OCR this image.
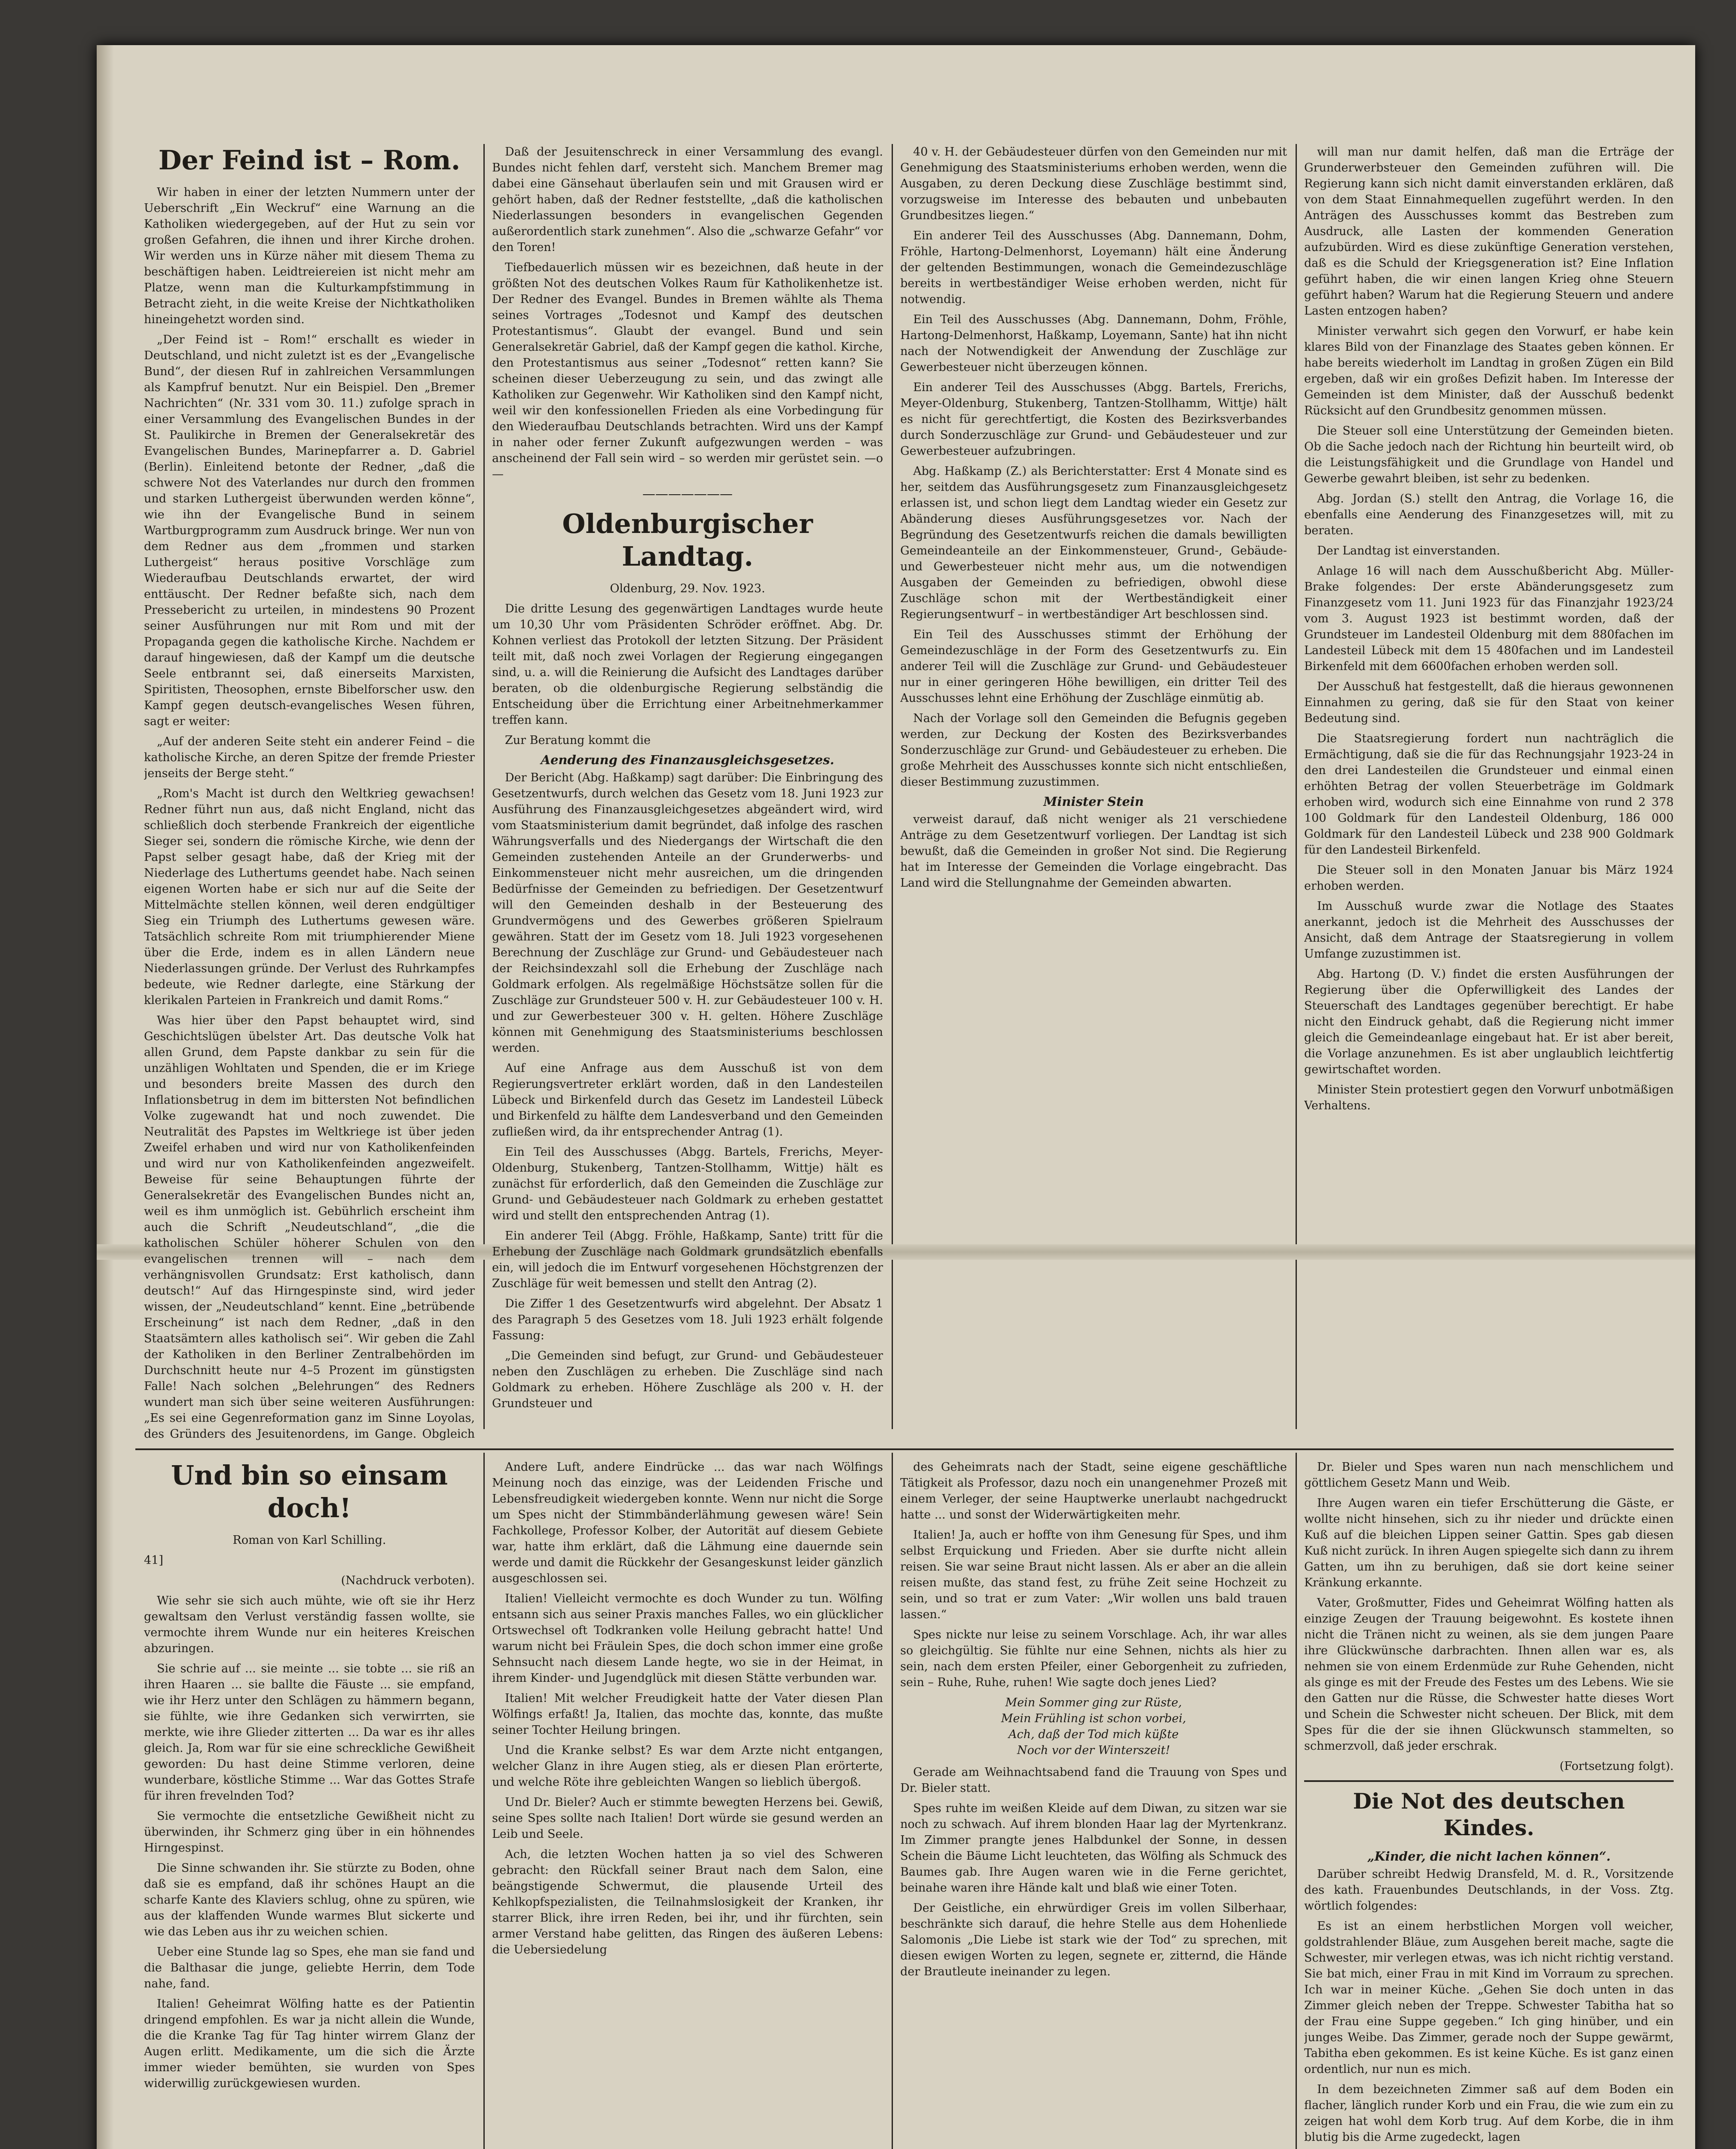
Der Feind ist – Rom.

Wir haben in einer der letzten Nummern unter der Ueberschrift „Ein Weckruf“ eine Warnung an die Katholiken wiedergegeben, auf der Hut zu sein vor großen Gefahren, die ihnen und ihrer Kirche drohen. Wir werden uns in Kürze näher mit diesem Thema zu beschäftigen haben. Leidtreiereien ist nicht mehr am Platze, wenn man die Kulturkampfstimmung in Betracht zieht, in die weite Kreise der Nichtkatholiken hineingehetzt worden sind.

„Der Feind ist – Rom!“ erschallt es wieder in Deutschland, und nicht zuletzt ist es der „Evangelische Bund“, der diesen Ruf in zahlreichen Versammlungen als Kampfruf benutzt. Nur ein Beispiel. Den „Bremer Nachrichten“ (Nr. 331 vom 30. 11.) zufolge sprach in einer Versammlung des Evangelischen Bundes in der St. Paulikirche in Bremen der Generalsekretär des Evangelischen Bundes, Marinepfarrer a. D. Gabriel (Berlin). Einleitend betonte der Redner, „daß die schwere Not des Vaterlandes nur durch den frommen und starken Luthergeist überwunden werden könne“, wie ihn der Evangelische Bund in seinem Wartburgprogramm zum Ausdruck bringe. Wer nun von dem Redner aus dem „frommen und starken Luthergeist“ heraus positive Vorschläge zum Wiederaufbau Deutschlands erwartet, der wird enttäuscht. Der Redner befaßte sich, nach dem Pressebericht zu urteilen, in mindestens 90 Prozent seiner Ausführungen nur mit Rom und mit der Propaganda gegen die katholische Kirche. Nachdem er darauf hingewiesen, daß der Kampf um die deutsche Seele entbrannt sei, daß einerseits Marxisten, Spiritisten, Theosophen, ernste Bibelforscher usw. den Kampf gegen deutsch-evangelisches Wesen führen, sagt er weiter:

„Auf der anderen Seite steht ein anderer Feind – die katholische Kirche, an deren Spitze der fremde Priester jenseits der Berge steht.“

„Rom's Macht ist durch den Weltkrieg gewachsen! Redner führt nun aus, daß nicht England, nicht das schließlich doch sterbende Frankreich der eigentliche Sieger sei, sondern die römische Kirche, wie denn der Papst selber gesagt habe, daß der Krieg mit der Niederlage des Luthertums geendet habe. Nach seinen eigenen Worten habe er sich nur auf die Seite der Mittelmächte stellen können, weil deren endgültiger Sieg ein Triumph des Luthertums gewesen wäre. Tatsächlich schreite Rom mit triumphierender Miene über die Erde, indem es in allen Ländern neue Niederlassungen gründe. Der Verlust des Ruhrkampfes bedeute, wie Redner darlegte, eine Stärkung der klerikalen Parteien in Frankreich und damit Roms.“

Was hier über den Papst behauptet wird, sind Geschichtslügen übelster Art. Das deutsche Volk hat allen Grund, dem Papste dankbar zu sein für die unzähligen Wohltaten und Spenden, die er im Kriege und besonders breite Massen des durch den Inflationsbetrug in dem im bittersten Not befindlichen Volke zugewandt hat und noch zuwendet. Die Neutralität des Papstes im Weltkriege ist über jeden Zweifel erhaben und wird nur von Katholikenfeinden und wird nur von Katholikenfeinden angezweifelt. Beweise für seine Behauptungen führte der Generalsekretär des Evangelischen Bundes nicht an, weil es ihm unmöglich ist. Gebührlich erscheint ihm auch die Schrift „Neudeutschland“, „die die katholischen Schüler höherer Schulen von den evangelischen trennen will – nach dem verhängnisvollen Grundsatz: Erst katholisch, dann deutsch!“ Auf das Hirngespinste sind, wird jeder wissen, der „Neudeutschland“ kennt. Eine „betrübende Erscheinung“ ist nach dem Redner, „daß in den Staatsämtern alles katholisch sei“. Wir geben die Zahl der Katholiken in den Berliner Zentralbehörden im Durchschnitt heute nur 4–5 Prozent im günstigsten Falle! Nach solchen „Belehrungen“ des Redners wundert man sich über seine weiteren Ausführungen: „Es sei eine Gegenreformation ganz im Sinne Loyolas, des Gründers des Jesuitenordens, im Gange. Obgleich

Daß der Jesuitenschreck in einer Versammlung des evangl. Bundes nicht fehlen darf, versteht sich. Manchem Bremer mag dabei eine Gänsehaut überlaufen sein und mit Grausen wird er gehört haben, daß der Redner feststellte, „daß die katholischen Niederlassungen besonders in evangelischen Gegenden außerordentlich stark zunehmen“. Also die „schwarze Gefahr“ vor den Toren!

Tiefbedauerlich müssen wir es bezeichnen, daß heute in der größten Not des deutschen Volkes Raum für Katholikenhetze ist. Der Redner des Evangel. Bundes in Bremen wählte als Thema seines Vortrages „Todesnot und Kampf des deutschen Protestantismus“. Glaubt der evangel. Bund und sein Generalsekretär Gabriel, daß der Kampf gegen die kathol. Kirche, den Protestantismus aus seiner „Todesnot“ retten kann? Sie scheinen dieser Ueberzeugung zu sein, und das zwingt alle Katholiken zur Gegenwehr. Wir Katholiken sind den Kampf nicht, weil wir den konfessionellen Frieden als eine Vorbedingung für den Wiederaufbau Deutschlands betrachten. Wird uns der Kampf in naher oder ferner Zukunft aufgezwungen werden – was anscheinend der Fall sein wird – so werden mir gerüstet sein. —o—

———————
Oldenburgischer Landtag.

Oldenburg, 29. Nov. 1923.

Die dritte Lesung des gegenwärtigen Landtages wurde heute um 10,30 Uhr vom Präsidenten Schröder eröffnet. Abg. Dr. Kohnen verliest das Protokoll der letzten Sitzung. Der Präsident teilt mit, daß noch zwei Vorlagen der Regierung eingegangen sind, u. a. will die Reinierung die Aufsicht des Landtages darüber beraten, ob die oldenburgische Regierung selbständig die Entscheidung über die Errichtung einer Arbeitnehmerkammer treffen kann.

Zur Beratung kommt die

Aenderung des Finanzausgleichsgesetzes.

Der Bericht (Abg. Haßkamp) sagt darüber: Die Einbringung des Gesetzentwurfs, durch welchen das Gesetz vom 18. Juni 1923 zur Ausführung des Finanzausgleichgesetzes abgeändert wird, wird vom Staatsministerium damit begründet, daß infolge des raschen Währungsverfalls und des Niedergangs der Wirtschaft die den Gemeinden zustehenden Anteile an der Grunderwerbs- und Einkommensteuer nicht mehr ausreichen, um die dringenden Bedürfnisse der Gemeinden zu befriedigen. Der Gesetzentwurf will den Gemeinden deshalb in der Besteuerung des Grundvermögens und des Gewerbes größeren Spielraum gewähren. Statt der im Gesetz vom 18. Juli 1923 vorgesehenen Berechnung der Zuschläge zur Grund- und Gebäudesteuer nach der Reichsindexzahl soll die Erhebung der Zuschläge nach Goldmark erfolgen. Als regelmäßige Höchstsätze sollen für die Zuschläge zur Grundsteuer 500 v. H. zur Gebäudesteuer 100 v. H. und zur Gewerbesteuer 300 v. H. gelten. Höhere Zuschläge können mit Genehmigung des Staatsministeriums beschlossen werden.

Auf eine Anfrage aus dem Ausschuß ist von dem Regierungsvertreter erklärt worden, daß in den Landesteilen Lübeck und Birkenfeld durch das Gesetz im Landesteil Lübeck und Birkenfeld zu hälfte dem Landesverband und den Gemeinden zufließen wird, da ihr entsprechender Antrag (1).

Ein Teil des Ausschusses (Abgg. Bartels, Frerichs, Meyer-Oldenburg, Stukenberg, Tantzen-Stollhamm, Wittje) hält es zunächst für erforderlich, daß den Gemeinden die Zuschläge zur Grund- und Gebäudesteuer nach Goldmark zu erheben gestattet wird und stellt den entsprechenden Antrag (1).

Ein anderer Teil (Abgg. Fröhle, Haßkamp, Sante) tritt für die Erhebung der Zuschläge nach Goldmark grundsätzlich ebenfalls ein, will jedoch die im Entwurf vorgesehenen Höchstgrenzen der Zuschläge für weit bemessen und stellt den Antrag (2).

Die Ziffer 1 des Gesetzentwurfs wird abgelehnt. Der Absatz 1 des Paragraph 5 des Gesetzes vom 18. Juli 1923 erhält folgende Fassung:

„Die Gemeinden sind befugt, zur Grund- und Gebäudesteuer neben den Zuschlägen zu erheben. Die Zuschläge sind nach Goldmark zu erheben. Höhere Zuschläge als 200 v. H. der Grundsteuer und

40 v. H. der Gebäudesteuer dürfen von den Gemeinden nur mit Genehmigung des Staatsministeriums erhoben werden, wenn die Ausgaben, zu deren Deckung diese Zuschläge bestimmt sind, vorzugsweise im Interesse des bebauten und unbebauten Grundbesitzes liegen.“

Ein anderer Teil des Ausschusses (Abg. Dannemann, Dohm, Fröhle, Hartong-Delmenhorst, Loyemann) hält eine Änderung der geltenden Bestimmungen, wonach die Gemeindezuschläge bereits in wertbeständiger Weise erhoben werden, nicht für notwendig.

Ein Teil des Ausschusses (Abg. Dannemann, Dohm, Fröhle, Hartong-Delmenhorst, Haßkamp, Loyemann, Sante) hat ihn nicht nach der Notwendigkeit der Anwendung der Zuschläge zur Gewerbesteuer nicht überzeugen können.

Ein anderer Teil des Ausschusses (Abgg. Bartels, Frerichs, Meyer-Oldenburg, Stukenberg, Tantzen-Stollhamm, Wittje) hält es nicht für gerechtfertigt, die Kosten des Bezirksverbandes durch Sonderzuschläge zur Grund- und Gebäudesteuer und zur Gewerbesteuer aufzubringen.

Abg. Haßkamp (Z.) als Berichterstatter: Erst 4 Monate sind es her, seitdem das Ausführungsgesetz zum Finanzausgleichgesetz erlassen ist, und schon liegt dem Landtag wieder ein Gesetz zur Abänderung dieses Ausführungsgesetzes vor. Nach der Begründung des Gesetzentwurfs reichen die damals bewilligten Gemeindeanteile an der Einkommensteuer, Grund-, Gebäude- und Gewerbesteuer nicht mehr aus, um die notwendigen Ausgaben der Gemeinden zu befriedigen, obwohl diese Zuschläge schon mit der Wertbeständigkeit einer Regierungsentwurf – in wertbeständiger Art beschlossen sind.

Ein Teil des Ausschusses stimmt der Erhöhung der Gemeindezuschläge in der Form des Gesetzentwurfs zu. Ein anderer Teil will die Zuschläge zur Grund- und Gebäudesteuer nur in einer geringeren Höhe bewilligen, ein dritter Teil des Ausschusses lehnt eine Erhöhung der Zuschläge einmütig ab.

Nach der Vorlage soll den Gemeinden die Befugnis gegeben werden, zur Deckung der Kosten des Bezirksverbandes Sonderzuschläge zur Grund- und Gebäudesteuer zu erheben. Die große Mehrheit des Ausschusses konnte sich nicht entschließen, dieser Bestimmung zuzustimmen.

Minister Stein

verweist darauf, daß nicht weniger als 21 verschiedene Anträge zu dem Gesetzentwurf vorliegen. Der Landtag ist sich bewußt, daß die Gemeinden in großer Not sind. Die Regierung hat im Interesse der Gemeinden die Vorlage eingebracht. Das Land wird die Stellungnahme der Gemeinden abwarten.

will man nur damit helfen, daß man die Erträge der Grunderwerbsteuer den Gemeinden zuführen will. Die Regierung kann sich nicht damit einverstanden erklären, daß von dem Staat Einnahmequellen zugeführt werden. In den Anträgen des Ausschusses kommt das Bestreben zum Ausdruck, alle Lasten der kommenden Generation aufzubürden. Wird es diese zukünftige Generation verstehen, daß es die Schuld der Kriegsgeneration ist? Eine Inflation geführt haben, die wir einen langen Krieg ohne Steuern geführt haben? Warum hat die Regierung Steuern und andere Lasten entzogen haben?

Minister verwahrt sich gegen den Vorwurf, er habe kein klares Bild von der Finanzlage des Staates geben können. Er habe bereits wiederholt im Landtag in großen Zügen ein Bild ergeben, daß wir ein großes Defizit haben. Im Interesse der Gemeinden ist dem Minister, daß der Ausschuß bedenkt Rücksicht auf den Grundbesitz genommen müssen.

Die Steuer soll eine Unterstützung der Gemeinden bieten. Ob die Sache jedoch nach der Richtung hin beurteilt wird, ob die Leistungsfähigkeit und die Grundlage von Handel und Gewerbe gewahrt bleiben, ist sehr zu bedenken.

Abg. Jordan (S.) stellt den Antrag, die Vorlage 16, die ebenfalls eine Aenderung des Finanzgesetzes will, mit zu beraten.

Der Landtag ist einverstanden.

Anlage 16 will nach dem Ausschußbericht Abg. Müller-Brake folgendes: Der erste Abänderungsgesetz zum Finanzgesetz vom 11. Juni 1923 für das Finanzjahr 1923/24 vom 3. August 1923 ist bestimmt worden, daß der Grundsteuer im Landesteil Oldenburg mit dem 880fachen im Landesteil Lübeck mit dem 15 480fachen und im Landesteil Birkenfeld mit dem 6600fachen erhoben werden soll.

Der Ausschuß hat festgestellt, daß die hieraus gewonnenen Einnahmen zu gering, daß sie für den Staat von keiner Bedeutung sind.

Die Staatsregierung fordert nun nachträglich die Ermächtigung, daß sie die für das Rechnungsjahr 1923-24 in den drei Landesteilen die Grundsteuer und einmal einen erhöhten Betrag der vollen Steuerbeträge im Goldmark erhoben wird, wodurch sich eine Einnahme von rund 2 378 100 Goldmark für den Landesteil Oldenburg, 186 000 Goldmark für den Landesteil Lübeck und 238 900 Goldmark für den Landesteil Birkenfeld.

Die Steuer soll in den Monaten Januar bis März 1924 erhoben werden.

Im Ausschuß wurde zwar die Notlage des Staates anerkannt, jedoch ist die Mehrheit des Ausschusses der Ansicht, daß dem Antrage der Staatsregierung in vollem Umfange zuzustimmen ist.

Abg. Hartong (D. V.) findet die ersten Ausführungen der Regierung über die Opferwilligkeit des Landes der Steuerschaft des Landtages gegenüber berechtigt. Er habe nicht den Eindruck gehabt, daß die Regierung nicht immer gleich die Gemeindeanlage eingebaut hat. Er ist aber bereit, die Vorlage anzunehmen. Es ist aber unglaublich leichtfertig gewirtschaftet worden.

Minister Stein protestiert gegen den Vorwurf unbotmäßigen Verhaltens.

Und bin so einsam doch!

Roman von Karl Schilling.

41]

(Nachdruck verboten).

Wie sehr sie sich auch mühte, wie oft sie ihr Herz gewaltsam den Verlust verständig fassen wollte, sie vermochte ihrem Wunde nur ein heiteres Kreischen abzuringen.

Sie schrie auf ... sie meinte ... sie tobte ... sie riß an ihren Haaren ... sie ballte die Fäuste ... sie empfand, wie ihr Herz unter den Schlägen zu hämmern begann, sie fühlte, wie ihre Gedanken sich verwirrten, sie merkte, wie ihre Glieder zitterten ... Da war es ihr alles gleich. Ja, Rom war für sie eine schreckliche Gewißheit geworden: Du hast deine Stimme verloren, deine wunderbare, köstliche Stimme ... War das Gottes Strafe für ihren frevelnden Tod?

Sie vermochte die entsetzliche Gewißheit nicht zu überwinden, ihr Schmerz ging über in ein höhnendes Hirngespinst.

Die Sinne schwanden ihr. Sie stürzte zu Boden, ohne daß sie es empfand, daß ihr schönes Haupt an die scharfe Kante des Klaviers schlug, ohne zu spüren, wie aus der klaffenden Wunde warmes Blut sickerte und wie das Leben aus ihr zu weichen schien.

Ueber eine Stunde lag so Spes, ehe man sie fand und die Balthasar die junge, geliebte Herrin, dem Tode nahe, fand.

Italien! Geheimrat Wölfing hatte es der Patientin dringend empfohlen. Es war ja nicht allein die Wunde, die die Kranke Tag für Tag hinter wirrem Glanz der Augen erlitt. Medikamente, um die sich die Ärzte immer wieder bemühten, sie wurden von Spes widerwillig zurückgewiesen wurden.

Andere Luft, andere Eindrücke ... das war nach Wölfings Meinung noch das einzige, was der Leidenden Frische und Lebensfreudigkeit wiedergeben konnte. Wenn nur nicht die Sorge um Spes nicht der Stimmbänderlähmung gewesen wäre! Sein Fachkollege, Professor Kolber, der Autorität auf diesem Gebiete war, hatte ihm erklärt, daß die Lähmung eine dauernde sein werde und damit die Rückkehr der Gesangeskunst leider gänzlich ausgeschlossen sei.

Italien! Vielleicht vermochte es doch Wunder zu tun. Wölfing entsann sich aus seiner Praxis manches Falles, wo ein glücklicher Ortswechsel oft Todkranken volle Heilung gebracht hatte! Und warum nicht bei Fräulein Spes, die doch schon immer eine große Sehnsucht nach diesem Lande hegte, wo sie in der Heimat, in ihrem Kinder- und Jugendglück mit diesen Stätte verbunden war.

Italien! Mit welcher Freudigkeit hatte der Vater diesen Plan Wölfings erfaßt! Ja, Italien, das mochte das, konnte, das mußte seiner Tochter Heilung bringen.

Und die Kranke selbst? Es war dem Arzte nicht entgangen, welcher Glanz in ihre Augen stieg, als er diesen Plan erörterte, und welche Röte ihre gebleichten Wangen so lieblich übergoß.

Und Dr. Bieler? Auch er stimmte bewegten Herzens bei. Gewiß, seine Spes sollte nach Italien! Dort würde sie gesund werden an Leib und Seele.

Ach, die letzten Wochen hatten ja so viel des Schweren gebracht: den Rückfall seiner Braut nach dem Salon, eine beängstigende Schwermut, die plausende Urteil des Kehlkopfspezialisten, die Teilnahmslosigkeit der Kranken, ihr starrer Blick, ihre irren Reden, bei ihr, und ihr fürchten, sein armer Verstand habe gelitten, das Ringen des äußeren Lebens: die Uebersiedelung

des Geheimrats nach der Stadt, seine eigene geschäftliche Tätigkeit als Professor, dazu noch ein unangenehmer Prozeß mit einem Verleger, der seine Hauptwerke unerlaubt nachgedruckt hatte ... und sonst der Widerwärtigkeiten mehr.

Italien! Ja, auch er hoffte von ihm Genesung für Spes, und ihm selbst Erquickung und Frieden. Aber sie durfte nicht allein reisen. Sie war seine Braut nicht lassen. Als er aber an die allein reisen mußte, das stand fest, zu frühe Zeit seine Hochzeit zu sein, und so trat er zum Vater: „Wir wollen uns bald trauen lassen.“

Spes nickte nur leise zu seinem Vorschlage. Ach, ihr war alles so gleichgültig. Sie fühlte nur eine Sehnen, nichts als hier zu sein, nach dem ersten Pfeiler, einer Geborgenheit zu zufrieden, sein – Ruhe, Ruhe, ruhen! Wie sagte doch jenes Lied?

Mein Sommer ging zur Rüste,

Mein Frühling ist schon vorbei,

Ach, daß der Tod mich küßte

Noch vor der Winterszeit!

Gerade am Weihnachtsabend fand die Trauung von Spes und Dr. Bieler statt.

Spes ruhte im weißen Kleide auf dem Diwan, zu sitzen war sie noch zu schwach. Auf ihrem blonden Haar lag der Myrtenkranz. Im Zimmer prangte jenes Halbdunkel der Sonne, in dessen Schein die Bäume Licht leuchteten, das Wölfing als Schmuck des Baumes gab. Ihre Augen waren wie in die Ferne gerichtet, beinahe waren ihre Hände kalt und blaß wie einer Toten.

Der Geistliche, ein ehrwürdiger Greis im vollen Silberhaar, beschränkte sich darauf, die hehre Stelle aus dem Hohenliede Salomonis „Die Liebe ist stark wie der Tod“ zu sprechen, mit diesen ewigen Worten zu legen, segnete er, zitternd, die Hände der Brautleute ineinander zu legen.

Dr. Bieler und Spes waren nun nach menschlichem und göttlichem Gesetz Mann und Weib.

Ihre Augen waren ein tiefer Erschütterung die Gäste, er wollte nicht hinsehen, sich zu ihr nieder und drückte einen Kuß auf die bleichen Lippen seiner Gattin. Spes gab diesen Kuß nicht zurück. In ihren Augen spiegelte sich dann zu ihrem Gatten, um ihn zu beruhigen, daß sie dort keine seiner Kränkung erkannte.

Vater, Großmutter, Fides und Geheimrat Wölfing hatten als einzige Zeugen der Trauung beigewohnt. Es kostete ihnen nicht die Tränen nicht zu weinen, als sie dem jungen Paare ihre Glückwünsche darbrachten. Ihnen allen war es, als nehmen sie von einem Erdenmüde zur Ruhe Gehenden, nicht als ginge es mit der Freude des Festes um des Lebens. Wie sie den Gatten nur die Rüsse, die Schwester hatte dieses Wort und Schein die Schwester nicht scheuen. Der Blick, mit dem Spes für die der sie ihnen Glückwunsch stammelten, so schmerzvoll, daß jeder erschrak.

(Fortsetzung folgt).

Die Not des deutschen Kindes.
„Kinder, die nicht lachen können“.

Darüber schreibt Hedwig Dransfeld, M. d. R., Vorsitzende des kath. Frauenbundes Deutschlands, in der Voss. Ztg. wörtlich folgendes:

Es ist an einem herbstlichen Morgen voll weicher, goldstrahlender Bläue, zum Ausgehen bereit mache, sagte die Schwester, mir verlegen etwas, was ich nicht richtig verstand. Sie bat mich, einer Frau in mit Kind im Vorraum zu sprechen. Ich war in meiner Küche. „Gehen Sie doch unten in das Zimmer gleich neben der Treppe. Schwester Tabitha hat so der Frau eine Suppe gegeben.“ Ich ging hinüber, und ein junges Weibe. Das Zimmer, gerade noch der Suppe gewärmt, Tabitha eben gekommen. Es ist keine Küche. Es ist ganz einen ordentlich, nur nun es mich.

In dem bezeichneten Zimmer saß auf dem Boden ein flacher, länglich runder Korb und ein Frau, die wie zum ein zu zeigen hat wohl dem Korb trug. Auf dem Korbe, die in ihm blutig bis die Arme zugedeckt, lagen
